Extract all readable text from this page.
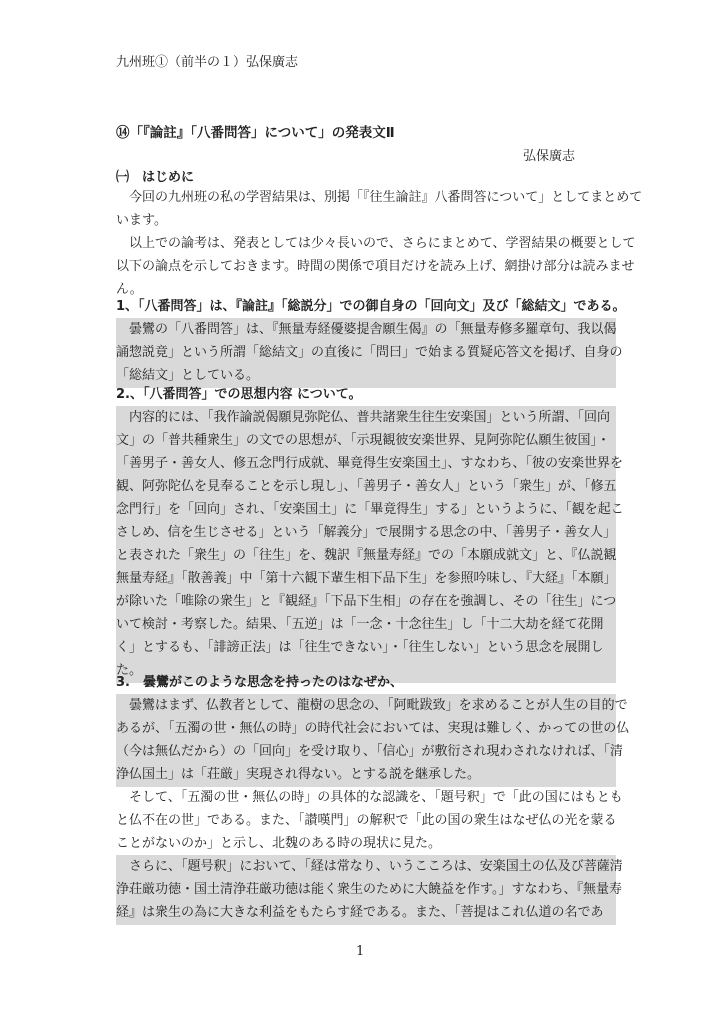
九州班①（前半の１）弘保廣志
⑭「『論註』「八番問答」について」の発表文Ⅱ
弘保廣志
㈠　はじめに
　今回の九州班の私の学習結果は、別掲「『往生論註』八番問答について」としてまとめて
います。
　以上での論考は、発表としては少々長いので、さらにまとめて、学習結果の概要として
以下の論点を示しておきます。時間の関係で項目だけを読み上げ、網掛け部分は読みませ
ん。
1、「八番問答」は、『論註』「総説分」での御自身の「回向文」及び「総結文」である。
　曇鸞の「八番問答」は、『無量寿経優婆提舎願生偈』の「無量寿修多羅章句、我以偈
誦惣説竟」という所謂「総結文」の直後に「問曰」で始まる質疑応答文を掲げ、自身の
「総結文」としている。
2.、「八番問答」での思想内容 について。
　内容的には、「我作論説偈願見弥陀仏、普共諸衆生往生安楽国」という所謂、「回向
文」の「普共種衆生」の文での思想が、「示現観彼安楽世界、見阿弥陀仏願生彼国」・
「善男子・善女人、修五念門行成就、畢竟得生安楽国土」、すなわち、「彼の安楽世界を
観、阿弥陀仏を見奉ることを示し現し」、「善男子・善女人」という「衆生」が、「修五
念門行」を「回向」され、「安楽国土」に「畢竟得生」する」というように、「観を起こ
さしめ、信を生じさせる」という「解義分」で展開する思念の中、「善男子・善女人」
と表された「衆生」の「往生」を、魏訳『無量寿経』での「本願成就文」と、『仏説観
無量寿経』「散善義」中「第十六観下輩生相下品下生」を参照吟味し、『大経』「本願」
が除いた「唯除の衆生」と『観経』「下品下生相」の存在を強調し、その「往生」につ
いて検討・考察した。結果、「五逆」は「一念・十念往生」し「十二大劫を経て花開
く」とするも、「誹謗正法」は「往生できない」・「往生しない」という思念を展開し
た。
3.　曇鸞がこのような思念を持ったのはなぜか、
　曇鸞はまず、仏教者として、龍樹の思念の、「阿毗跋致」を求めることが人生の目的で
あるが、「五濁の世・無仏の時」の時代社会においては、実現は難しく、かっての世の仏
（今は無仏だから）の「回向」を受け取り、「信心」が敷衍され現わされなければ、「清
浄仏国土」は「荘厳」実現され得ない。とする説を継承した。
　そして、「五濁の世・無仏の時」の具体的な認識を、「題号釈」で「此の国にはもとも
と仏不在の世」である。また、「讃嘆門」の解釈で「此の国の衆生はなぜ仏の光を蒙る
ことがないのか」と示し、北魏のある時の現状に見た。
　さらに、「題号釈」において、「経は常なり、いうこころは、安楽国土の仏及び菩薩清
浄荘厳功徳・国土清浄荘厳功徳は能く衆生のために大饒益を作す。」すなわち、『無量寿
経』は衆生の為に大きな利益をもたらす経である。また、「菩提はこれ仏道の名であ
1
